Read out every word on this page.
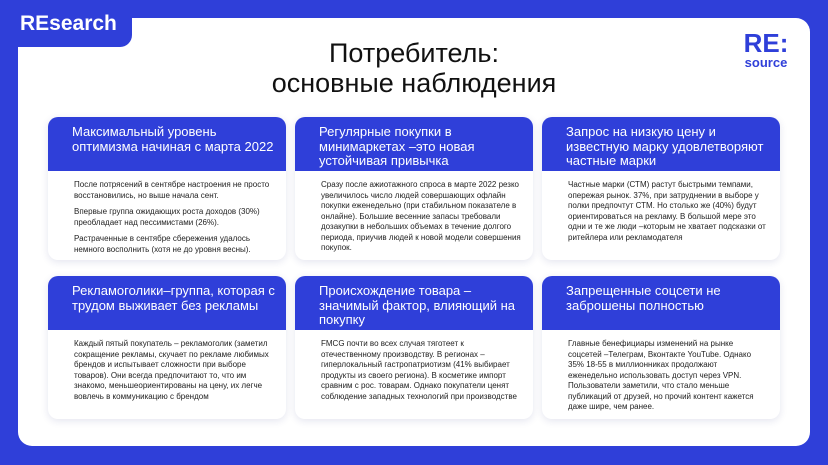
REsearch
Потребитель:
основные наблюдения
RE:
source
Максимальный уровень оптимизма начиная с марта 2022

После потрясений в сентябре настроения не просто восстановились, но выше начала сент.

Впервые группа ожидающих роста доходов (30%) преобладает над пессимистами (26%).

Растраченные в сентябре сбережения удалось немного восполнить (хотя не до уровня весны).

Регулярные покупки в минимаркетах –это новая устойчивая привычка

Сразу после ажиотажного спроса в марте 2022 резко увеличилось число людей совершающих офлайн покупки еженедельно (при стабильном показателе в онлайне). Большие весенние запасы требовали дозакупки в небольших объемах в течение долгого периода, приучив людей к новой модели совершения покупок.

Запрос на низкую цену и известную марку удовлетворяют частные марки

Частные марки (СТМ) растут быстрыми темпами, опережая рынок. 37%, при затруднении в выборе у полки предпочтут СТМ. Но столько же (40%) будут ориентироваться на рекламу. В большой мере это одни и те же люди –которым не хватает подсказки от ритейлера или рекламодателя

Рекламоголики–группа, которая с трудом выживает без рекламы

Каждый пятый покупатель – рекламоголик (заметил сокращение рекламы, скучает по рекламе любимых брендов и испытывает сложности при выборе товаров). Они всегда предпочитают то, что им знакомо, меньшеориентированы на цену, их легче вовлечь в коммуникацию с брендом

Происхождение товара – значимый фактор, влияющий на покупку

FMCG почти во всех случая тяготеет к отечественному производству. В регионах – гиперлокальный гастропатриотизм (41% выбирает продукты из своего региона). В косметике импорт сравним с рос. товарам. Однако покупатели ценят соблюдение западных технологий при производстве

Запрещенные соцсети не заброшены полностью

Главные бенефициары изменений на рынке соцсетей –Телеграм, Вконтакте YouTube. Однако 35% 18-55 в миллионниках продолжают еженедельно использовать доступ через VPN. Пользователи заметили, что стало меньше публикаций от друзей, но прочий контент кажется даже шире, чем ранее.
